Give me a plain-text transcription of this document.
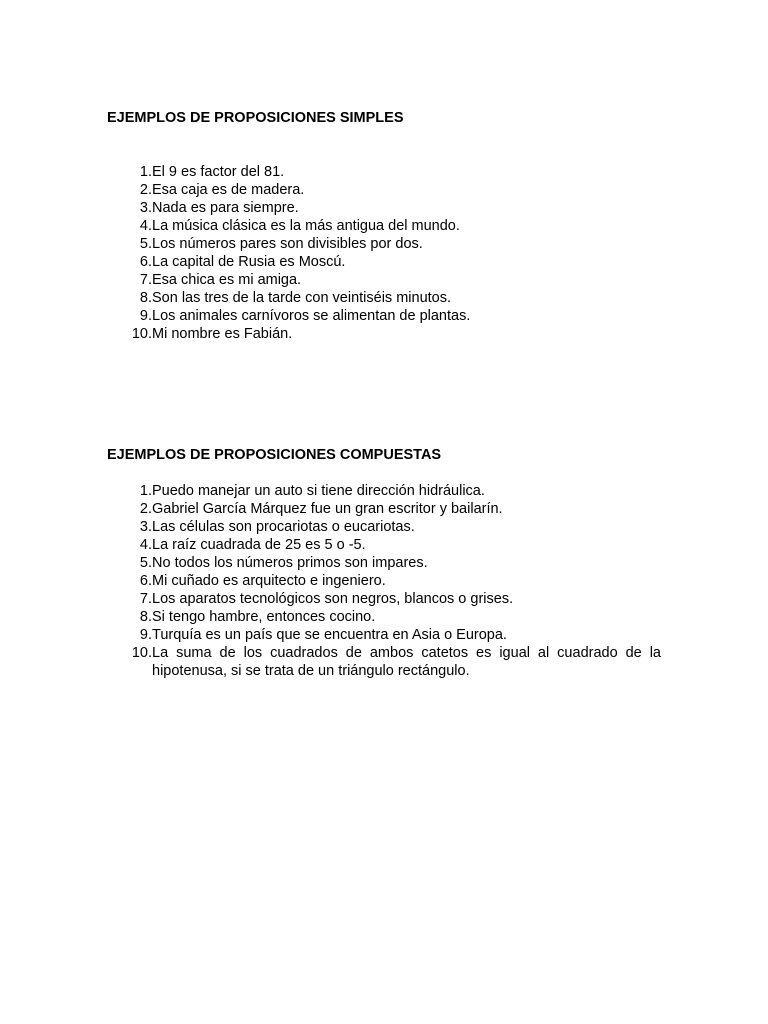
EJEMPLOS DE PROPOSICIONES SIMPLES
1. El 9 es factor del 81.
2. Esa caja es de madera.
3. Nada es para siempre.
4. La música clásica es la más antigua del mundo.
5. Los números pares son divisibles por dos.
6. La capital de Rusia es Moscú.
7. Esa chica es mi amiga.
8. Son las tres de la tarde con veintiséis minutos.
9. Los animales carnívoros se alimentan de plantas.
10. Mi nombre es Fabián.
EJEMPLOS DE PROPOSICIONES COMPUESTAS
1. Puedo manejar un auto si tiene dirección hidráulica.
2. Gabriel García Márquez fue un gran escritor y bailarín.
3. Las células son procariotas o eucariotas.
4. La raíz cuadrada de 25 es 5 o -5.
5. No todos los números primos son impares.
6. Mi cuñado es arquitecto e ingeniero.
7. Los aparatos tecnológicos son negros, blancos o grises.
8. Si tengo hambre, entonces cocino.
9. Turquía es un país que se encuentra en Asia o Europa.
10. La suma de los cuadrados de ambos catetos es igual al cuadrado de la hipotenusa, si se trata de un triángulo rectángulo.
